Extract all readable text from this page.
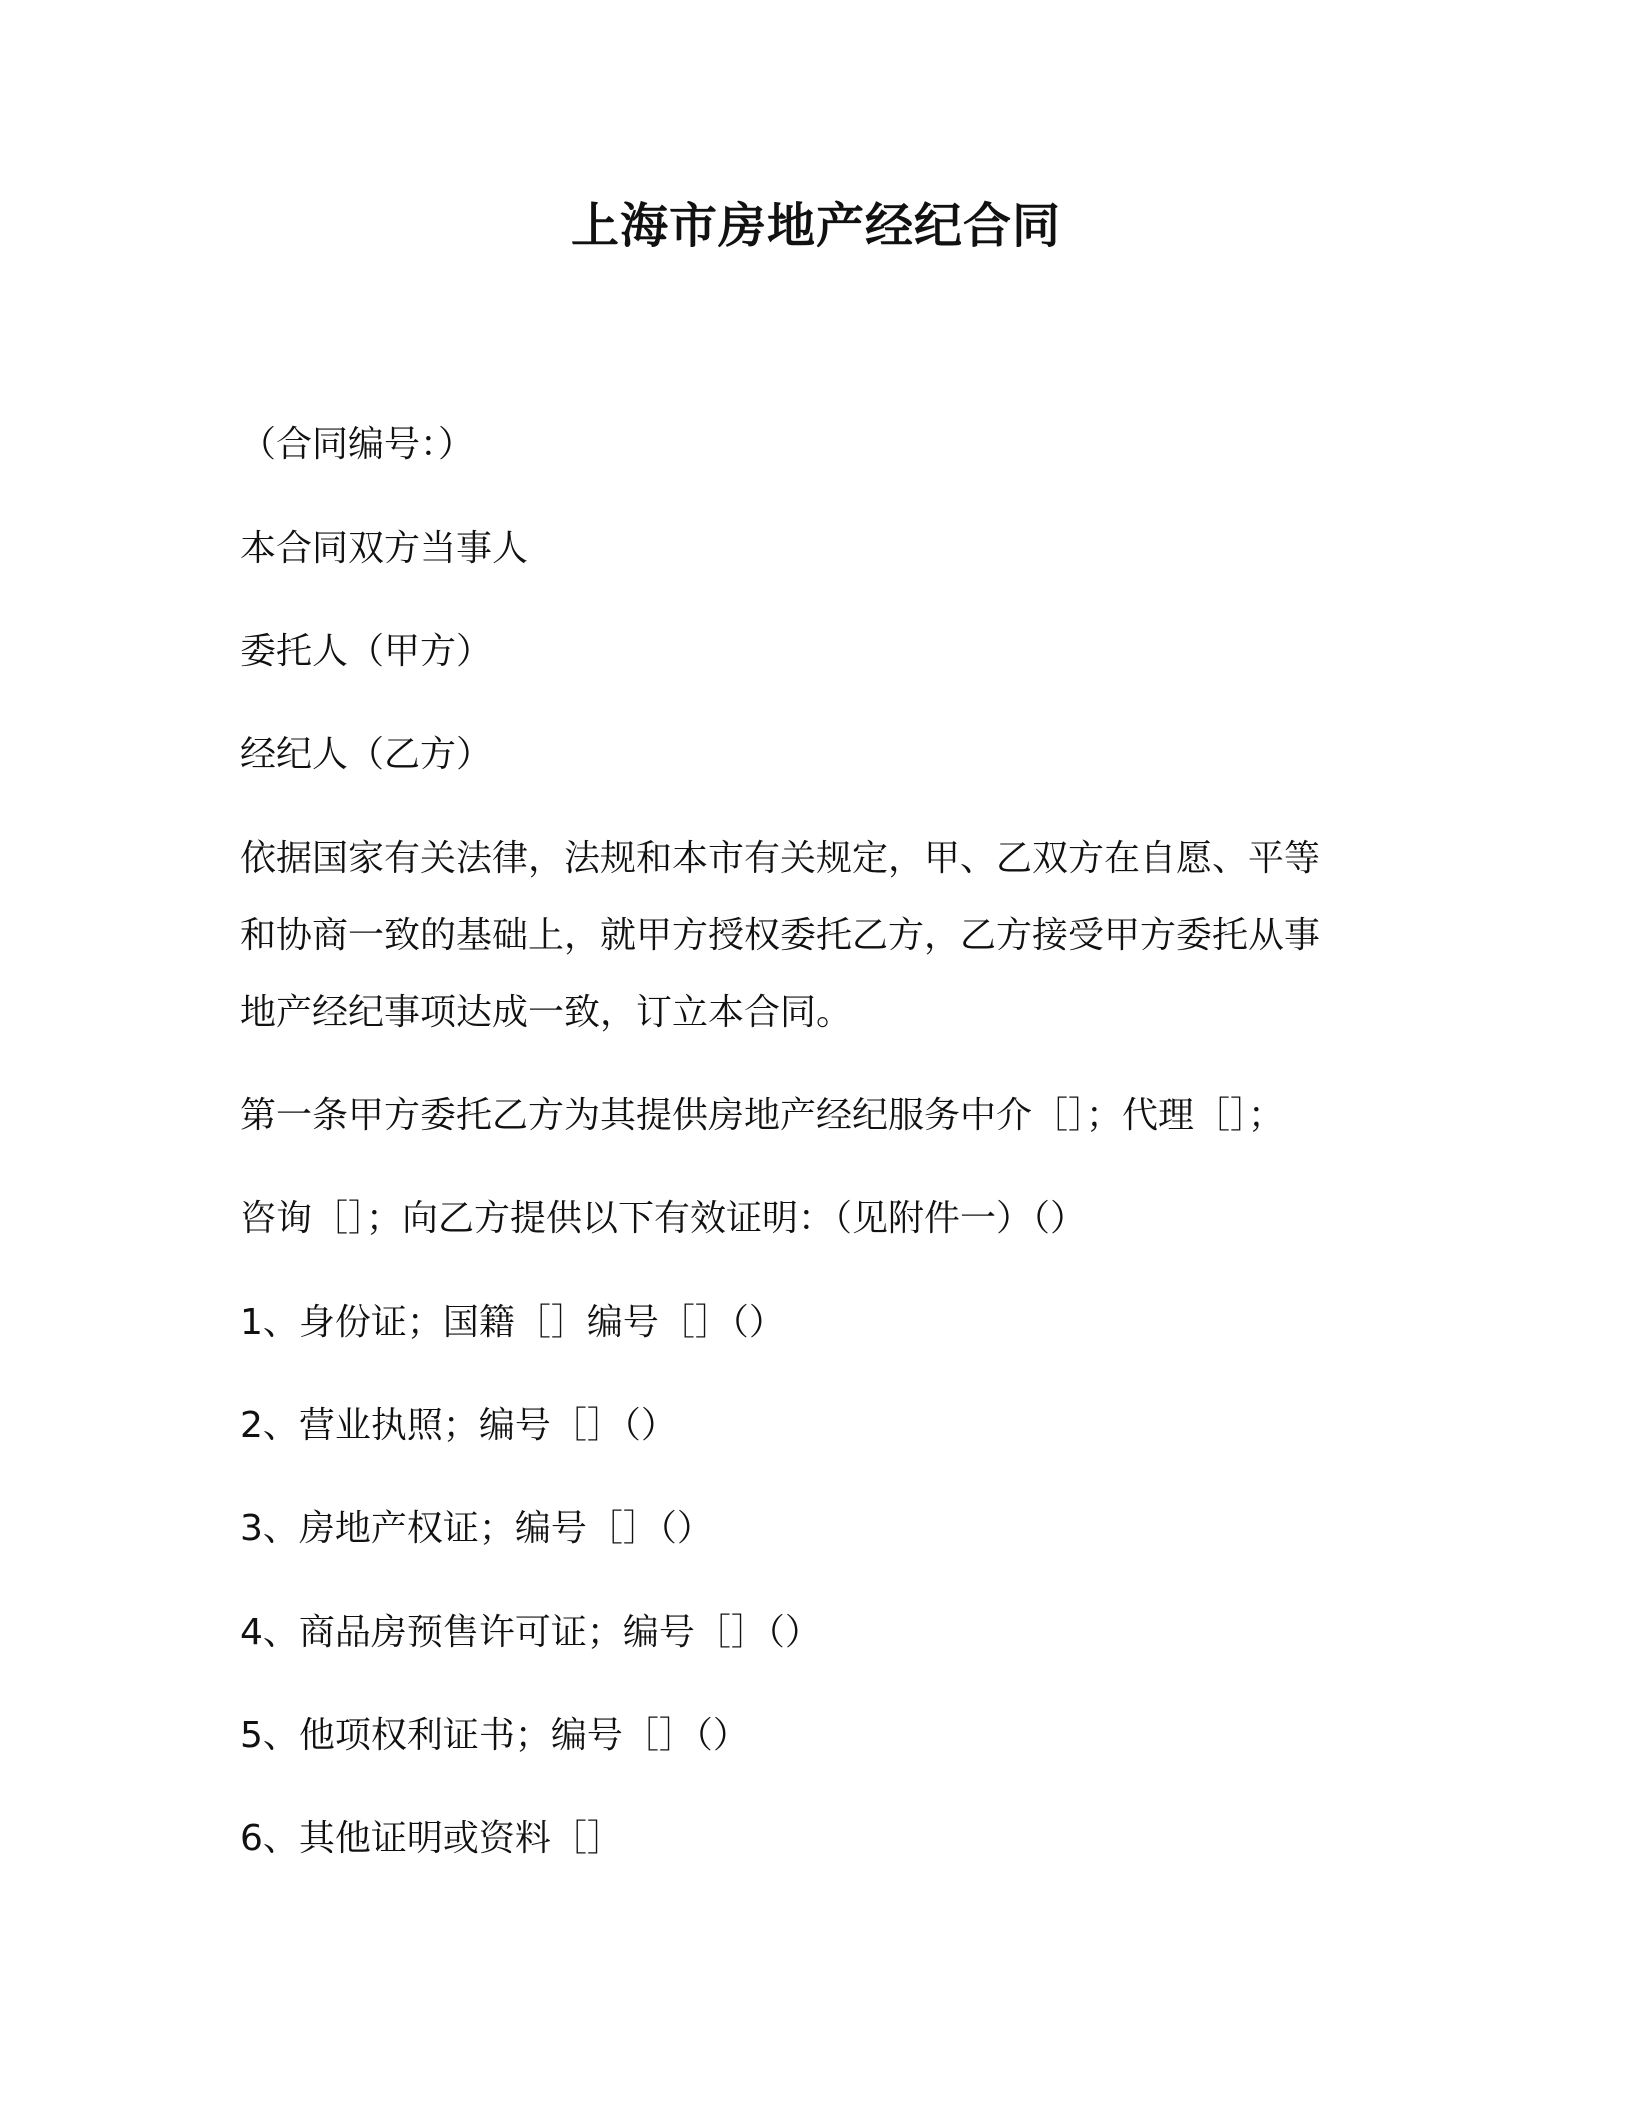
上海市房地产经纪合同
（合同编号：）
本合同双方当事人
委托人（甲方）
经纪人（乙方）
依据国家有关法律，法规和本市有关规定，甲、乙双方在自愿、平等
和协商一致的基础上，就甲方授权委托乙方，乙方接受甲方委托从事
地产经纪事项达成一致，订立本合同。
第一条甲方委托乙方为其提供房地产经纪服务中介［］；代理［］；
咨询［］；向乙方提供以下有效证明：（见附件一）（）
1、身份证；国籍［］编号［］（）
2、营业执照；编号［］（）
3、房地产权证；编号［］（）
4、商品房预售许可证；编号［］（）
5、他项权利证书；编号［］（）
6、其他证明或资料［］
